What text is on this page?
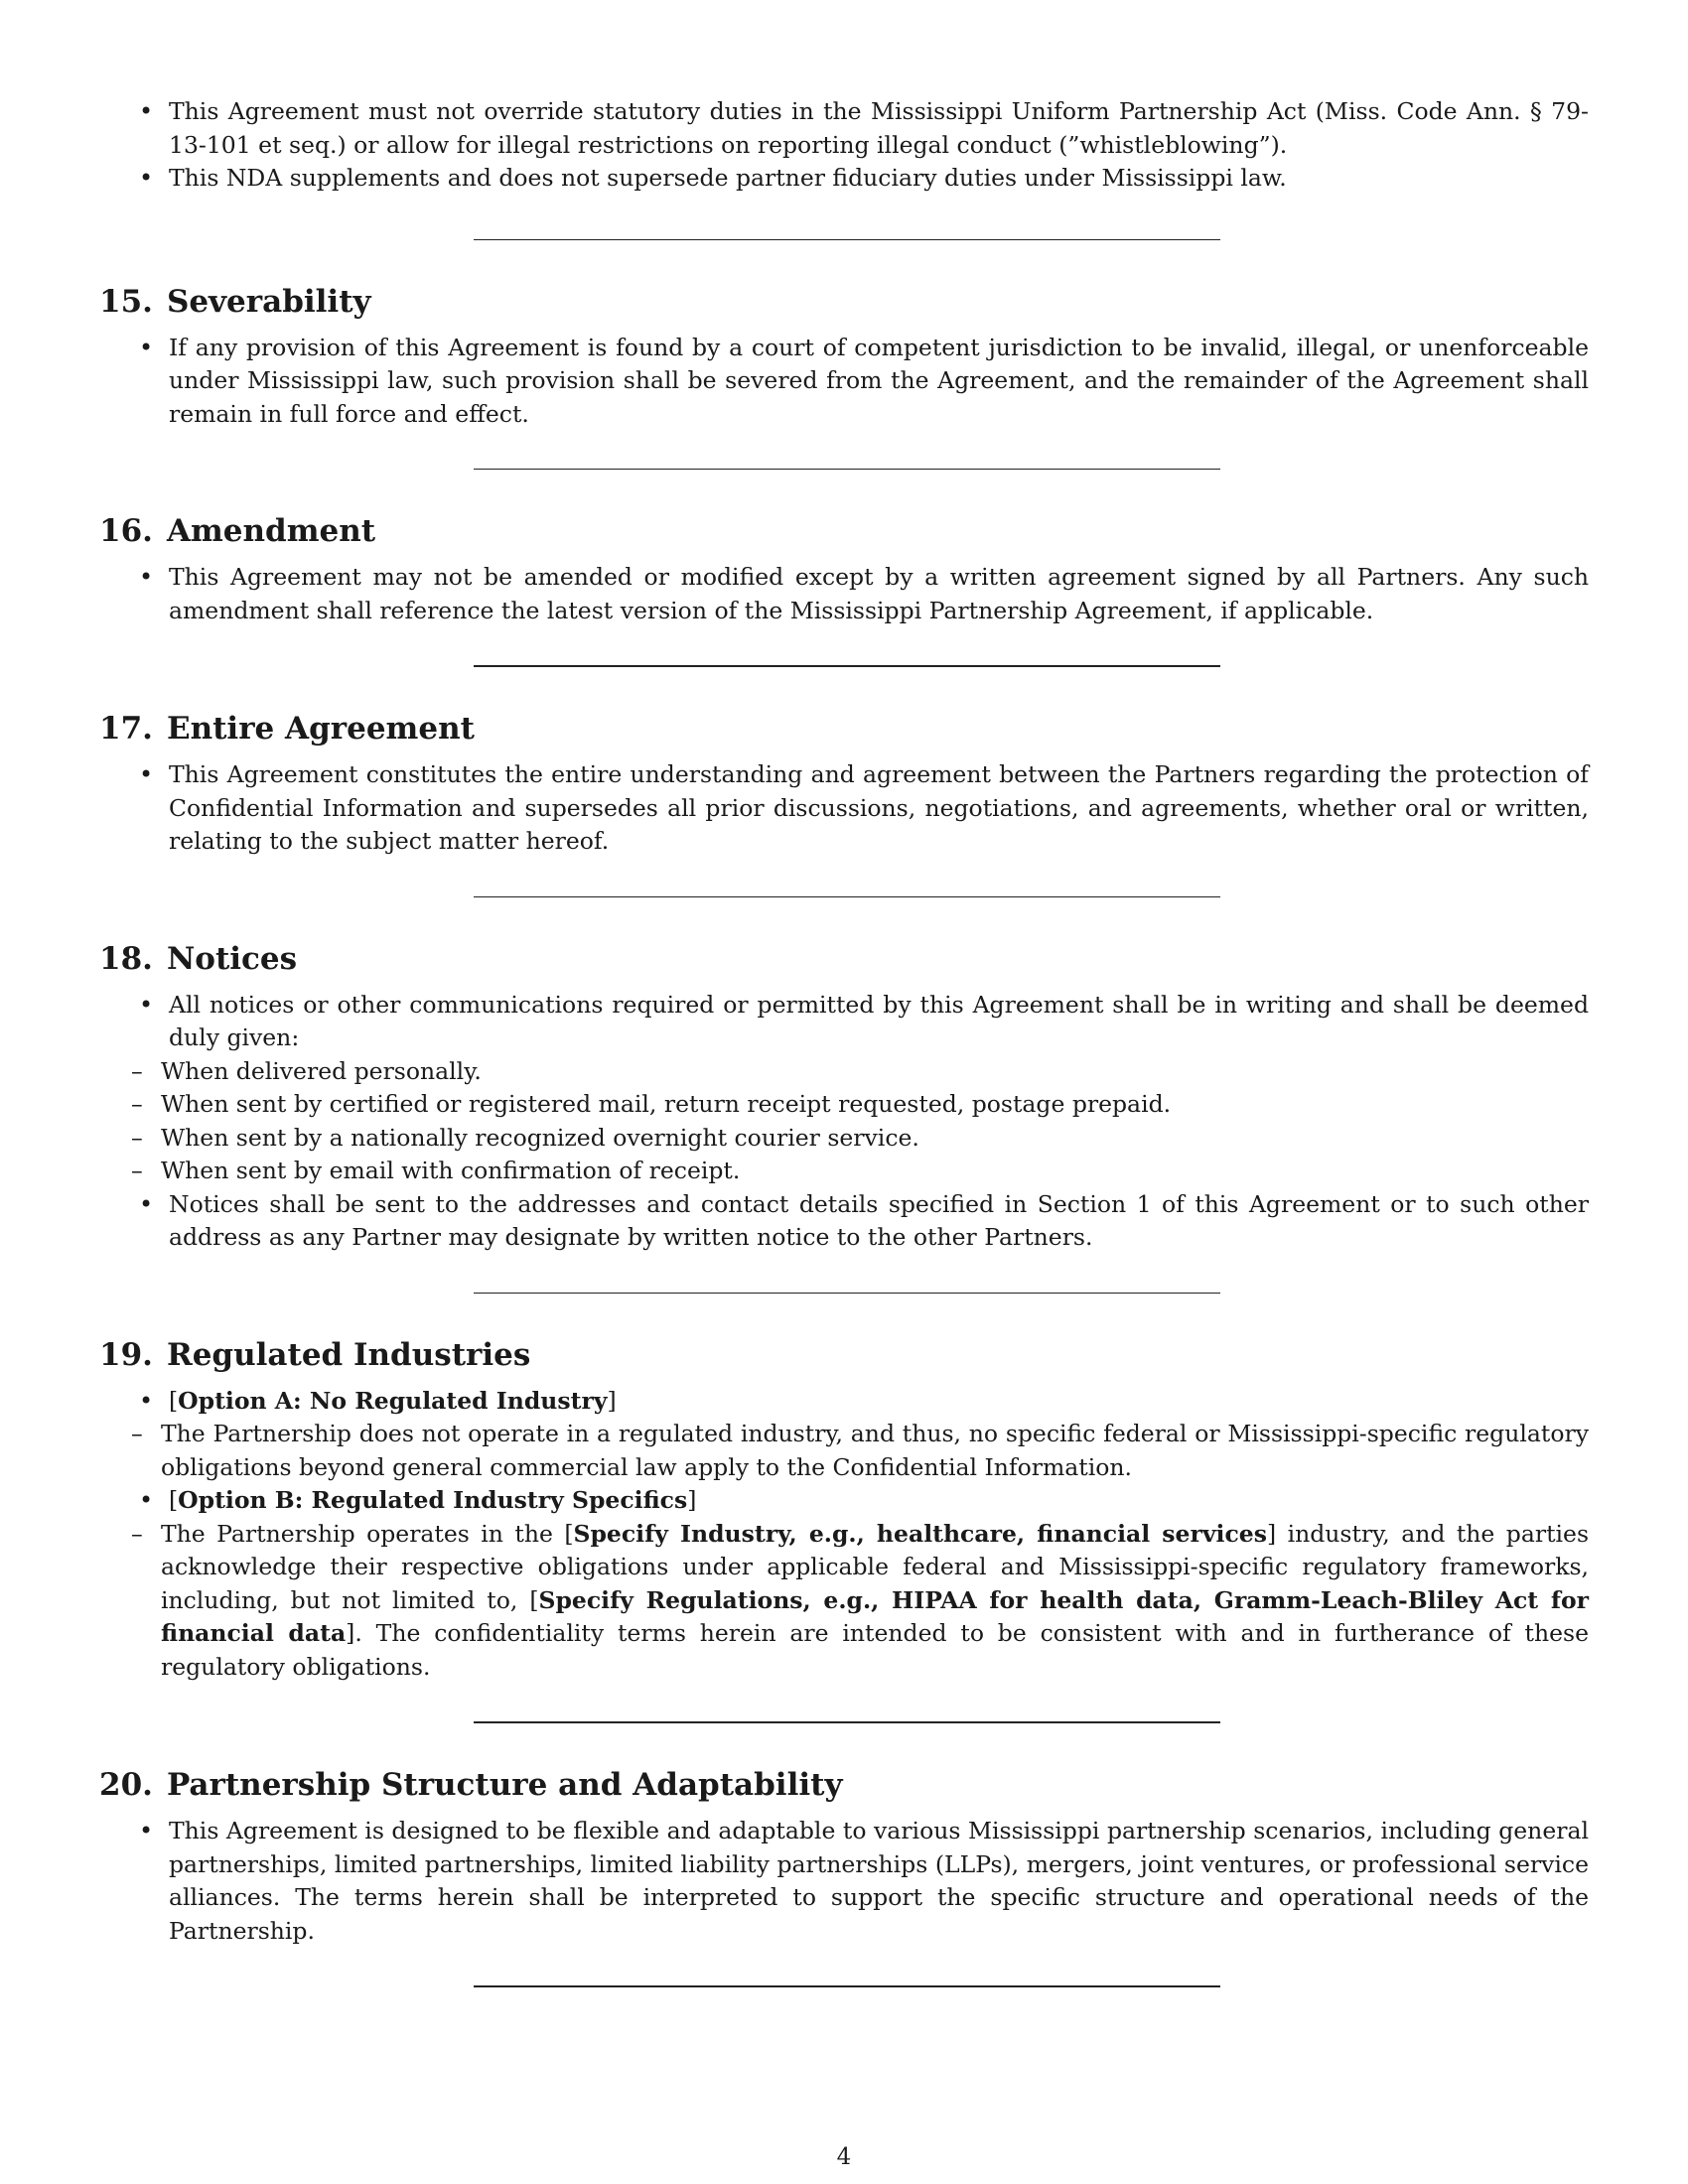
• This Agreement must not override statutory duties in the Mississippi Uniform Partnership Act (Miss. Code Ann. § 79-13-101 et seq.) or allow for illegal restrictions on reporting illegal conduct (”whistleblowing”).
• This NDA supplements and does not supersede partner fiduciary duties under Mississippi law.
15. Severability
• If any provision of this Agreement is found by a court of competent jurisdiction to be invalid, illegal, or unenforceable under Mississippi law, such provision shall be severed from the Agreement, and the remainder of the Agreement shall remain in full force and effect.
16. Amendment
• This Agreement may not be amended or modified except by a written agreement signed by all Partners. Any such amendment shall reference the latest version of the Mississippi Partnership Agreement, if applicable.
17. Entire Agreement
• This Agreement constitutes the entire understanding and agreement between the Partners regarding the protection of Confidential Information and supersedes all prior discussions, negotiations, and agreements, whether oral or written, relating to the subject matter hereof.
18. Notices
• All notices or other communications required or permitted by this Agreement shall be in writing and shall be deemed duly given:
– When delivered personally.
– When sent by certified or registered mail, return receipt requested, postage prepaid.
– When sent by a nationally recognized overnight courier service.
– When sent by email with confirmation of receipt.
• Notices shall be sent to the addresses and contact details specified in Section 1 of this Agreement or to such other address as any Partner may designate by written notice to the other Partners.
19. Regulated Industries
• [Option A: No Regulated Industry]
– The Partnership does not operate in a regulated industry, and thus, no specific federal or Mississippi-specific regulatory obligations beyond general commercial law apply to the Confidential Information.
• [Option B: Regulated Industry Specifics]
– The Partnership operates in the [Specify Industry, e.g., healthcare, financial services] industry, and the parties acknowledge their respective obligations under applicable federal and Mississippi-specific regulatory frameworks, including, but not limited to, [Specify Regulations, e.g., HIPAA for health data, Gramm-Leach-Bliley Act for financial data]. The confidentiality terms herein are intended to be consistent with and in furtherance of these regulatory obligations.
20. Partnership Structure and Adaptability
• This Agreement is designed to be flexible and adaptable to various Mississippi partnership scenarios, including general partnerships, limited partnerships, limited liability partnerships (LLPs), mergers, joint ventures, or professional service alliances. The terms herein shall be interpreted to support the specific structure and operational needs of the Partnership.
4
